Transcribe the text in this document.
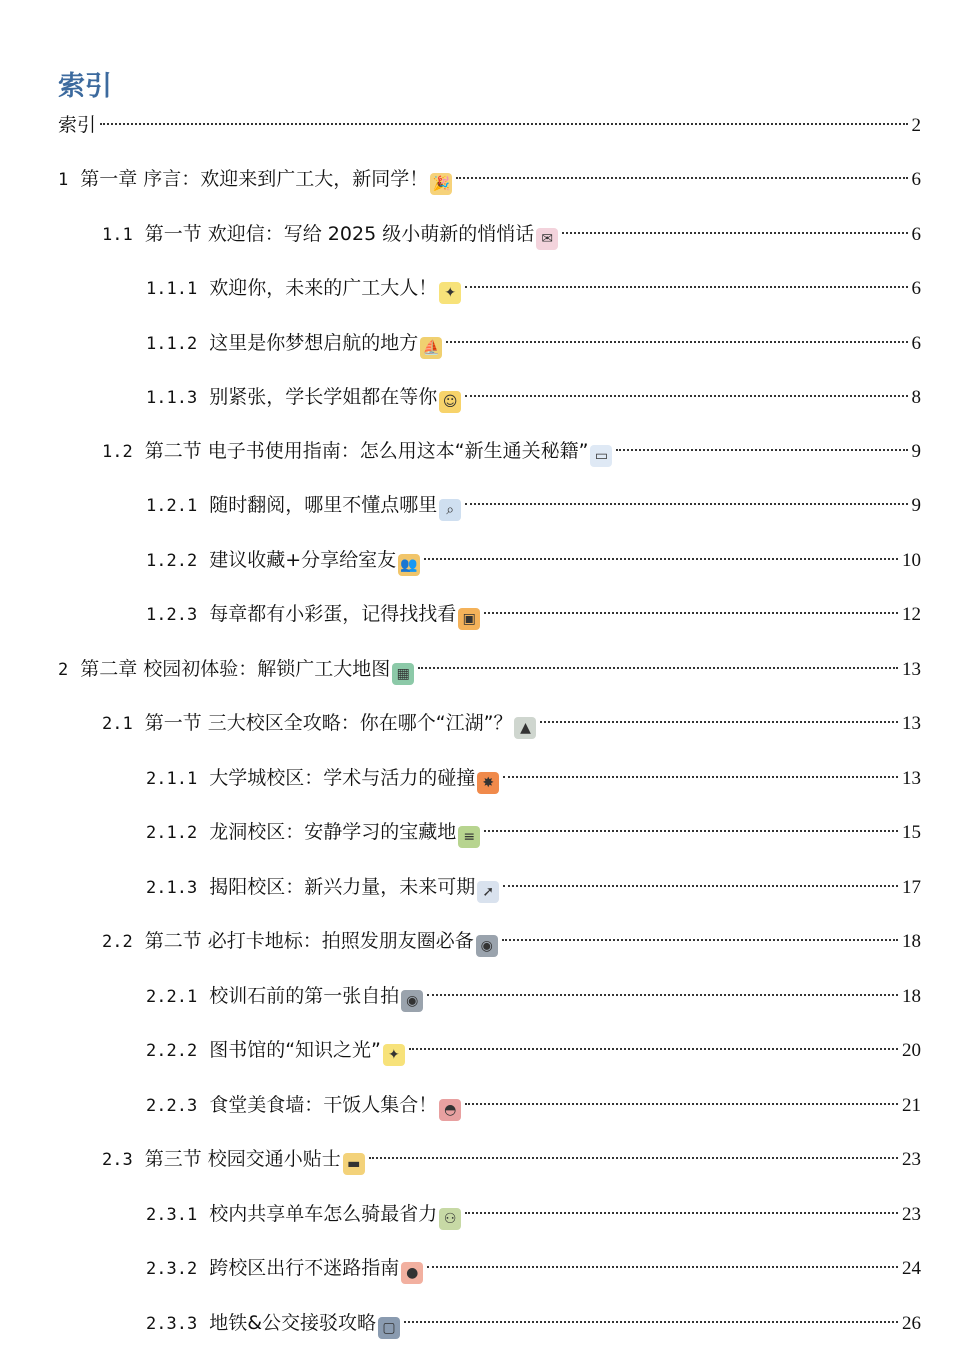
索引
索引	2
1 第一章 序言：欢迎来到广工大，新同学！ 🎉	6
1.1 第一节 欢迎信：写给 2025 级小萌新的悄悄话 ✉	6
1.1.1 欢迎你，未来的广工大人！ ✦	6
1.1.2 这里是你梦想启航的地方 ⛵	6
1.1.3 别紧张，学长学姐都在等你 ☺	8
1.2 第二节 电子书使用指南：怎么用这本“新生通关秘籍” ▭	9
1.2.1 随时翻阅，哪里不懂点哪里 ⌕	9
1.2.2 建议收藏+分享给室友 👥	10
1.2.3 每章都有小彩蛋，记得找找看 ▣	12
2 第二章 校园初体验：解锁广工大地图 ▦	13
2.1 第一节 三大校区全攻略：你在哪个“江湖”？ ▲	13
2.1.1 大学城校区：学术与活力的碰撞 ✸	13
2.1.2 龙洞校区：安静学习的宝藏地 ≡	15
2.1.3 揭阳校区：新兴力量，未来可期 ➚	17
2.2 第二节 必打卡地标：拍照发朋友圈必备 ◉	18
2.2.1 校训石前的第一张自拍 ◉	18
2.2.2 图书馆的“知识之光” ✦	20
2.2.3 食堂美食墙：干饭人集合！ ◓	21
2.3 第三节 校园交通小贴士 ▬	23
2.3.1 校内共享单车怎么骑最省力 ⚇	23
2.3.2 跨校区出行不迷路指南 ●	24
2.3.3 地铁&公交接驳攻略 ▢	26
